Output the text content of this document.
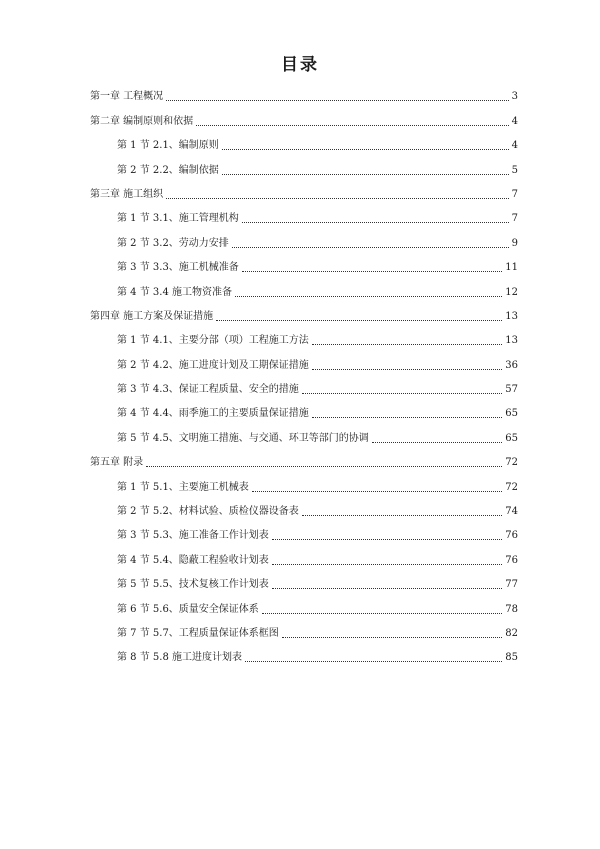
目录
第一章 工程概况	3
第二章 编制原则和依据	4
第 1 节 2.1、编制原则	4
第 2 节 2.2、编制依据	5
第三章 施工组织	7
第 1 节 3.1、施工管理机构	7
第 2 节 3.2、劳动力安排	9
第 3 节 3.3、施工机械准备	11
第 4 节 3.4 施工物资准备	12
第四章 施工方案及保证措施	13
第 1 节 4.1、主要分部（项）工程施工方法	13
第 2 节 4.2、施工进度计划及工期保证措施	36
第 3 节 4.3、保证工程质量、安全的措施	57
第 4 节 4.4、雨季施工的主要质量保证措施	65
第 5 节 4.5、文明施工措施、与交通、环卫等部门的协调	65
第五章 附录	72
第 1 节 5.1、主要施工机械表	72
第 2 节 5.2、材料试验、质检仪器设备表	74
第 3 节 5.3、施工准备工作计划表	76
第 4 节 5.4、隐蔽工程验收计划表	76
第 5 节 5.5、技术复核工作计划表	77
第 6 节 5.6、质量安全保证体系	78
第 7 节 5.7、工程质量保证体系框图	82
第 8 节 5.8 施工进度计划表	85
